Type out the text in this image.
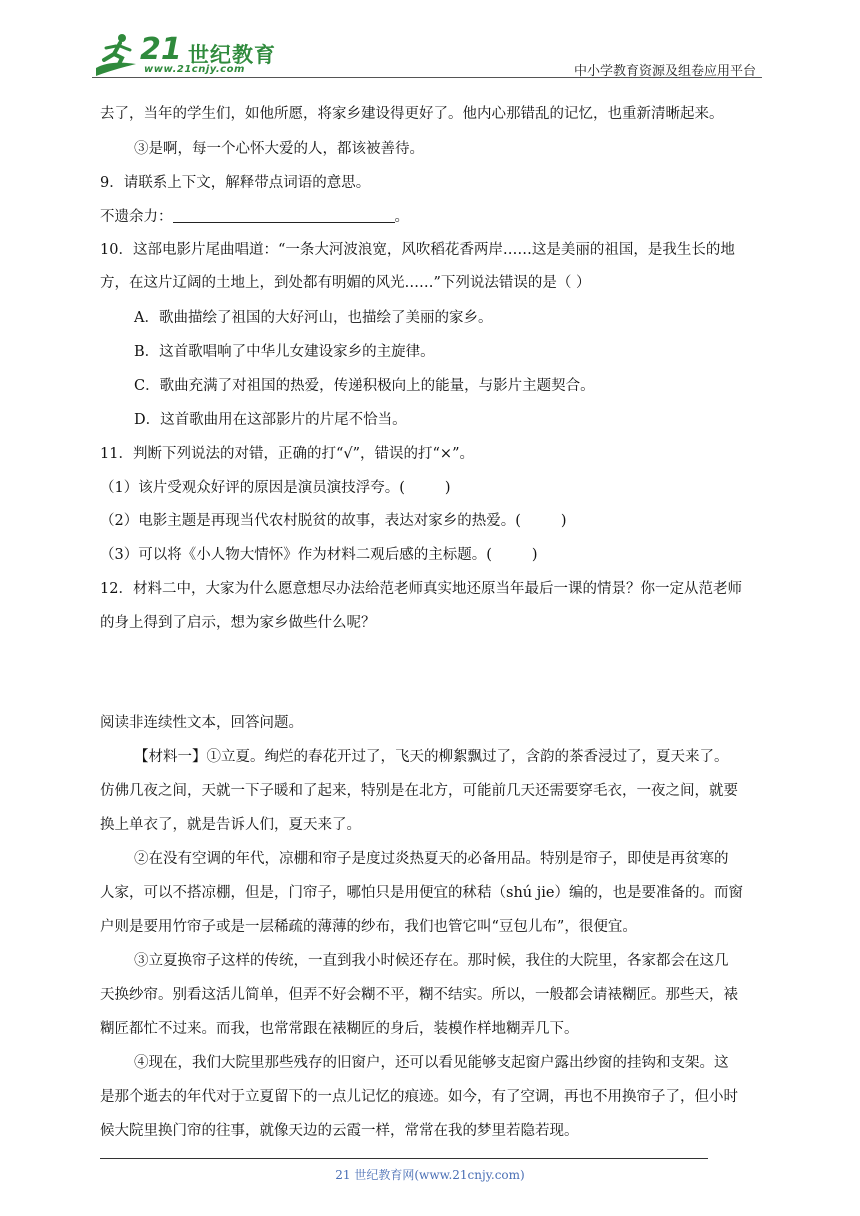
21 世纪教育
www.21cnjy.com	中小学教育资源及组卷应用平台
去了，当年的学生们，如他所愿，将家乡建设得更好了。他内心那错乱的记忆，也重新清晰起来。
③是啊，每一个心怀大爱的人，都该被善待。
9．请联系上下文，解释带点词语的意思。
不遗余力：	。
10．这部电影片尾曲唱道：“一条大河波浪宽，风吹稻花香两岸……这是美丽的祖国，是我生长的地
方，在这片辽阔的土地上，到处都有明媚的风光……”下列说法错误的是（ ）
A．歌曲描绘了祖国的大好河山，也描绘了美丽的家乡。
B．这首歌唱响了中华儿女建设家乡的主旋律。
C．歌曲充满了对祖国的热爱，传递积极向上的能量，与影片主题契合。
D．这首歌曲用在这部影片的片尾不恰当。
11．判断下列说法的对错，正确的打“√”，错误的打“×”。
（1）该片受观众好评的原因是演员演技浮夸。(	)
（2）电影主题是再现当代农村脱贫的故事，表达对家乡的热爱。(	)
（3）可以将《小人物大情怀》作为材料二观后感的主标题。(	)
12．材料二中，大家为什么愿意想尽办法给范老师真实地还原当年最后一课的情景？你一定从范老师
的身上得到了启示，想为家乡做些什么呢？
阅读非连续性文本，回答问题。
【材料一】①立夏。绚烂的春花开过了，飞天的柳絮飘过了，含韵的茶香浸过了，夏天来了。
仿佛几夜之间，天就一下子暖和了起来，特别是在北方，可能前几天还需要穿毛衣，一夜之间，就要
换上单衣了，就是告诉人们，夏天来了。
②在没有空调的年代，凉棚和帘子是度过炎热夏天的必备用品。特别是帘子，即使是再贫寒的
人家，可以不搭凉棚，但是，门帘子，哪怕只是用便宜的秫秸（shú jie）编的，也是要准备的。而窗
户则是要用竹帘子或是一层稀疏的薄薄的纱布，我们也管它叫“豆包儿布”，很便宜。
③立夏换帘子这样的传统，一直到我小时候还存在。那时候，我住的大院里，各家都会在这几
天换纱帘。别看这活儿简单，但弄不好会糊不平，糊不结实。所以，一般都会请裱糊匠。那些天，裱
糊匠都忙不过来。而我，也常常跟在裱糊匠的身后，装模作样地糊弄几下。
④现在，我们大院里那些残存的旧窗户，还可以看见能够支起窗户露出纱窗的挂钩和支架。这
是那个逝去的年代对于立夏留下的一点儿记忆的痕迹。如今，有了空调，再也不用换帘子了，但小时
候大院里换门帘的往事，就像天边的云霞一样，常常在我的梦里若隐若现。
21 世纪教育网(www.21cnjy.com)
